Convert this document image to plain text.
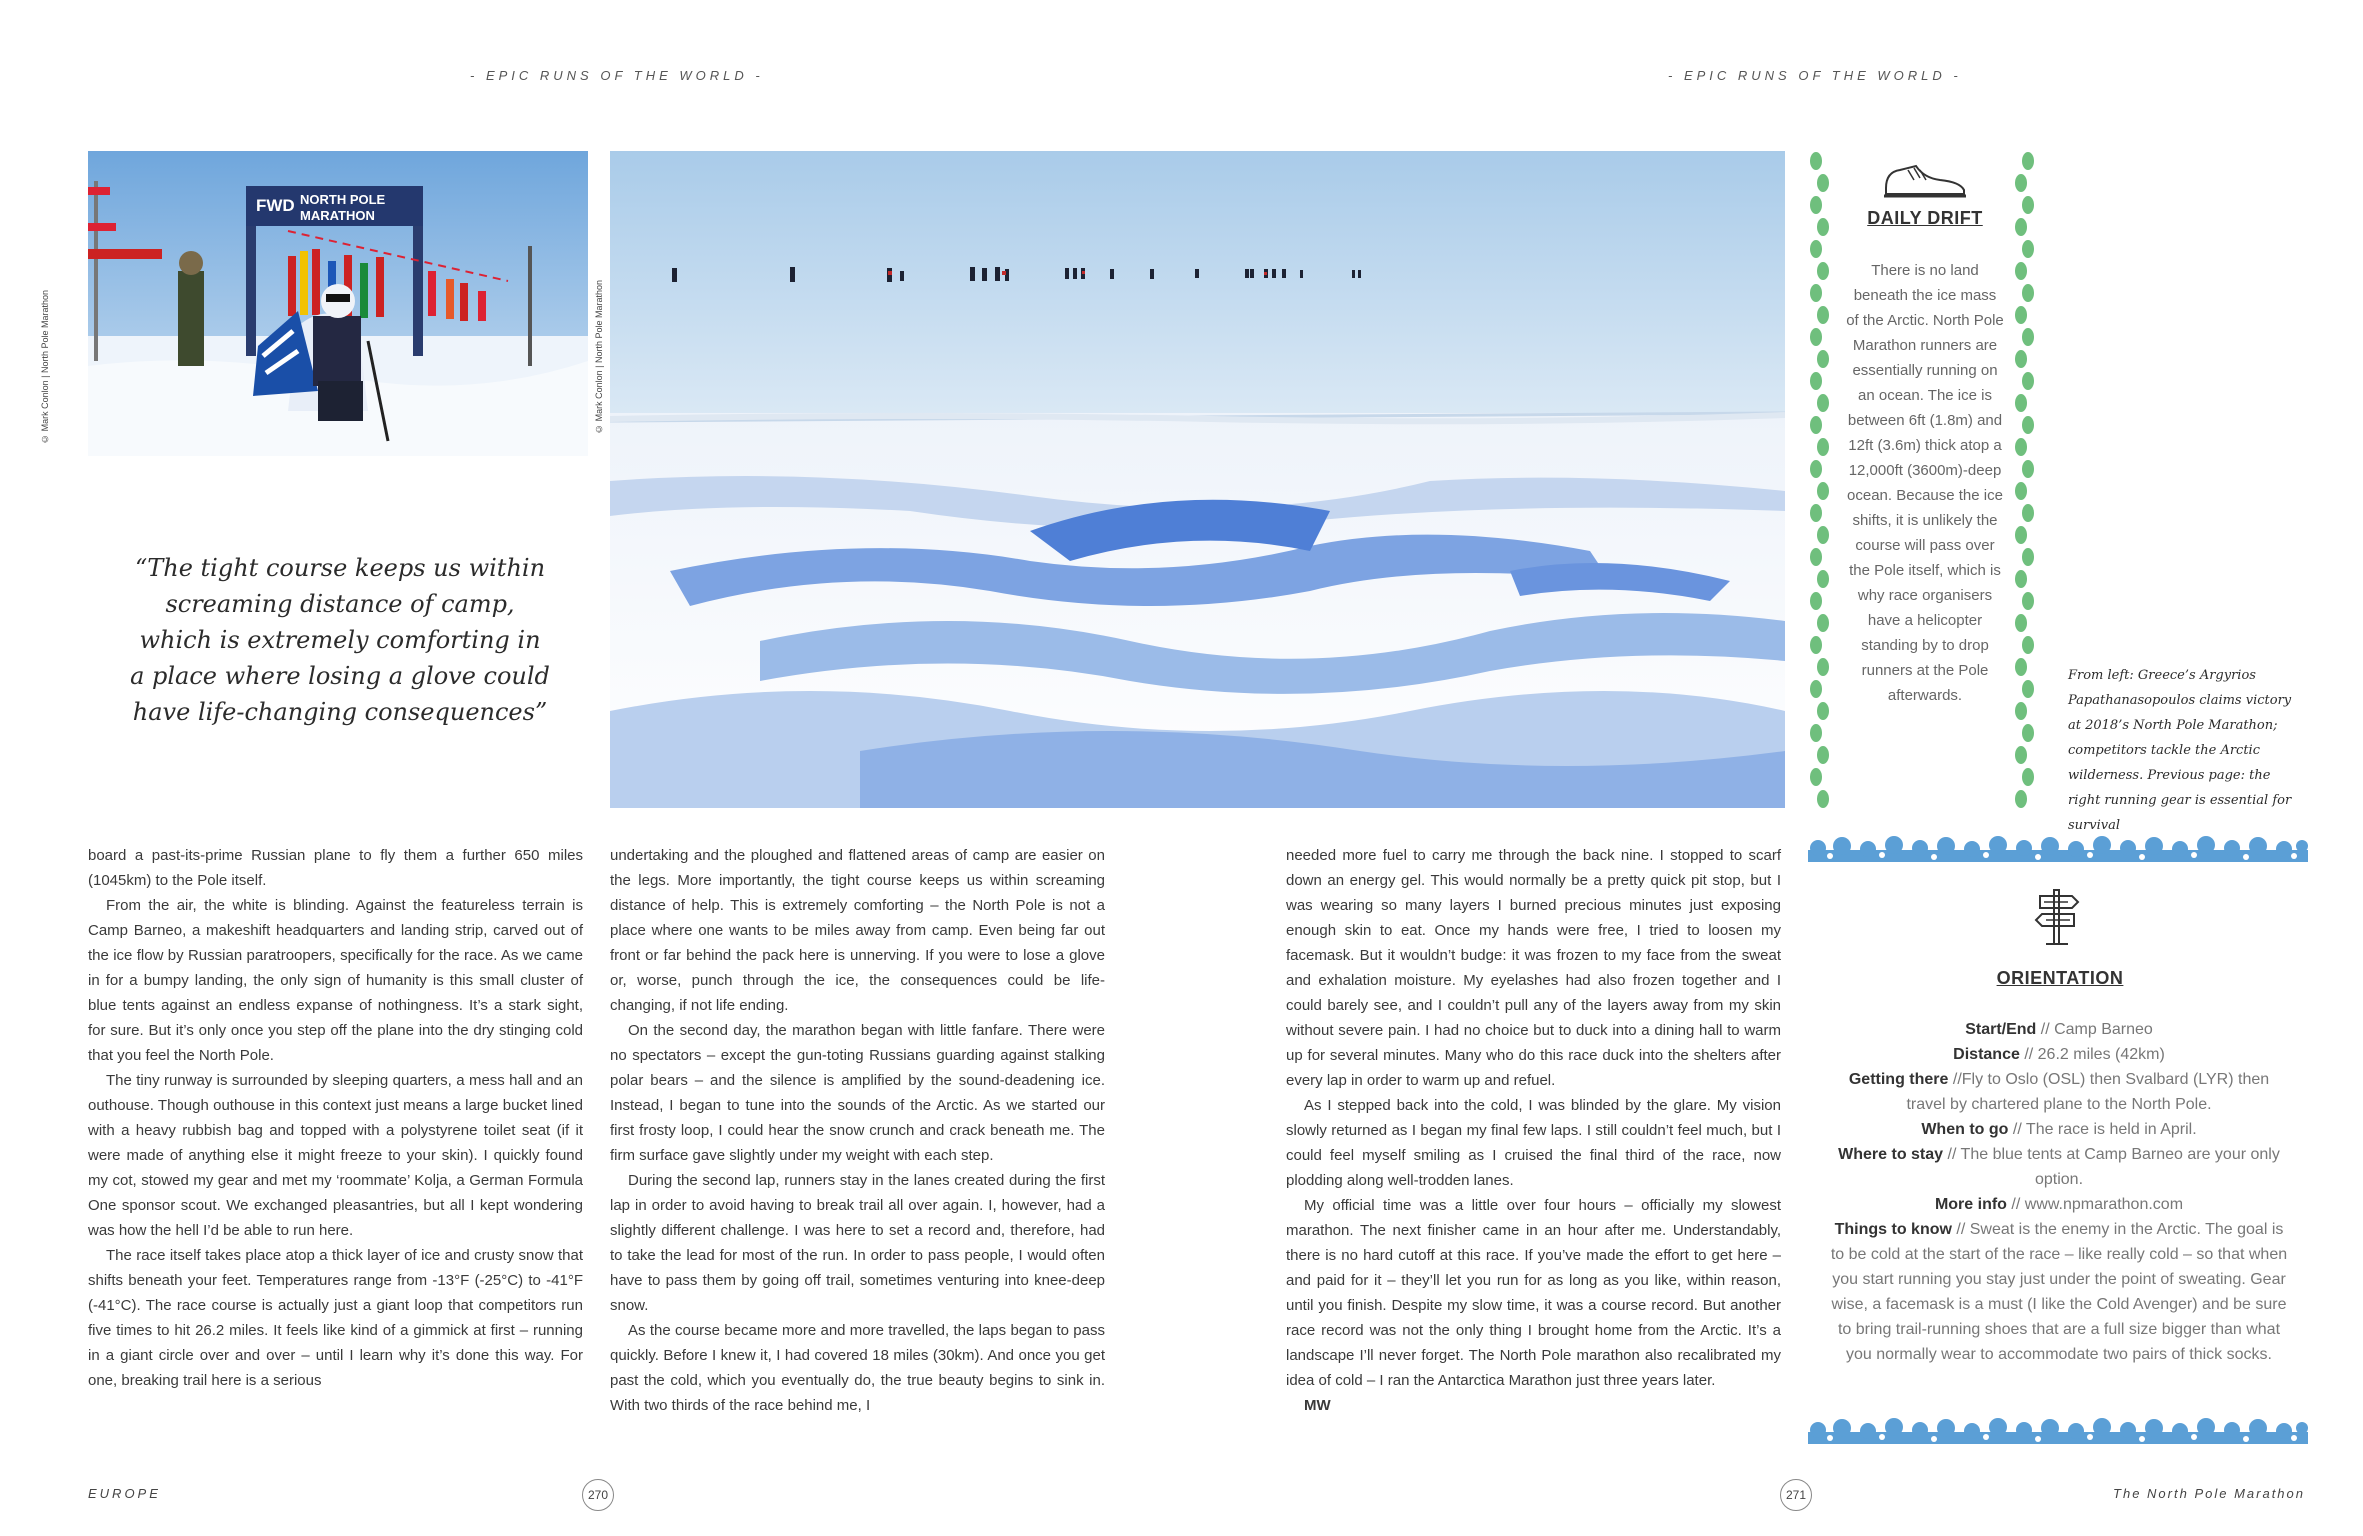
- EPIC RUNS OF THE WORLD -	- EPIC RUNS OF THE WORLD -
FWD NORTH POLE
MARATHON
© Mark Conlon | North Pole Marathon	© Mark Conlon | North Pole Marathon
“The tight course keeps us within screaming distance of camp, which is extremely comforting in a place where losing a glove could have life-changing consequences”

board a past-its-prime Russian plane to fly them a further 650 miles (1045km) to the Pole itself.

From the air, the white is blinding. Against the featureless terrain is Camp Barneo, a makeshift headquarters and landing strip, carved out of the ice flow by Russian paratroopers, specifically for the race. As we came in for a bumpy landing, the only sign of humanity is this small cluster of blue tents against an endless expanse of nothingness. It’s a stark sight, for sure. But it’s only once you step off the plane into the dry stinging cold that you feel the North Pole.

The tiny runway is surrounded by sleeping quarters, a mess hall and an outhouse. Though outhouse in this context just means a large bucket lined with a heavy rubbish bag and topped with a polystyrene toilet seat (if it were made of anything else it might freeze to your skin). I quickly found my cot, stowed my gear and met my ‘roommate’ Kolja, a German Formula One sponsor scout. We exchanged pleasantries, but all I kept wondering was how the hell I’d be able to run here.

The race itself takes place atop a thick layer of ice and crusty snow that shifts beneath your feet. Temperatures range from -13°F (-25°C) to -41°F (-41°C). The race course is actually just a giant loop that competitors run five times to hit 26.2 miles. It feels like kind of a gimmick at first – running in a giant circle over and over – until I learn why it’s done this way. For one, breaking trail here is a serious

undertaking and the ploughed and flattened areas of camp are easier on the legs. More importantly, the tight course keeps us within screaming distance of help. This is extremely comforting – the North Pole is not a place where one wants to be miles away from camp. Even being far out front or far behind the pack here is unnerving. If you were to lose a glove or, worse, punch through the ice, the consequences could be life-changing, if not life ending.

On the second day, the marathon began with little fanfare. There were no spectators – except the gun-toting Russians guarding against stalking polar bears – and the silence is amplified by the sound-deadening ice. Instead, I began to tune into the sounds of the Arctic. As we started our first frosty loop, I could hear the snow crunch and crack beneath me. The firm surface gave slightly under my weight with each step.

During the second lap, runners stay in the lanes created during the first lap in order to avoid having to break trail all over again. I, however, had a slightly different challenge. I was here to set a record and, therefore, had to take the lead for most of the run. In order to pass people, I would often have to pass them by going off trail, sometimes venturing into knee-deep snow.

As the course became more and more travelled, the laps began to pass quickly. Before I knew it, I had covered 18 miles (30km). And once you get past the cold, which you eventually do, the true beauty begins to sink in. With two thirds of the race behind me, I

needed more fuel to carry me through the back nine. I stopped to scarf down an energy gel. This would normally be a pretty quick pit stop, but I was wearing so many layers I burned precious minutes just exposing enough skin to eat. Once my hands were free, I tried to loosen my facemask. But it wouldn’t budge: it was frozen to my face from the sweat and exhalation moisture. My eyelashes had also frozen together and I could barely see, and I couldn’t pull any of the layers away from my skin without severe pain. I had no choice but to duck into a dining hall to warm up for several minutes. Many who do this race duck into the shelters after every lap in order to warm up and refuel.

As I stepped back into the cold, I was blinded by the glare. My vision slowly returned as I began my final few laps. I still couldn’t feel much, but I could feel myself smiling as I cruised the final third of the race, now plodding along well-trodden lanes.

My official time was a little over four hours – officially my slowest marathon. The next finisher came in an hour after me. Understandably, there is no hard cutoff at this race. If you’ve made the effort to get here – and paid for it – they’ll let you run for as long as you like, within reason, until you finish. Despite my slow time, it was a course record. But another race record was not the only thing I brought home from the Arctic. It’s a landscape I’ll never forget. The North Pole marathon also recalibrated my idea of cold – I ran the Antarctica Marathon just three years later.

MW

DAILY DRIFT
There is no land beneath the ice mass of the Arctic. North Pole Marathon runners are essentially running on an ocean. The ice is between 6ft (1.8m) and 12ft (3.6m) thick atop a 12,000ft (3600m)-deep ocean. Because the ice shifts, it is unlikely the course will pass over the Pole itself, which is why race organisers have a helicopter standing by to drop runners at the Pole afterwards.
From left: Greece’s Argyrios Papathanasopoulos claims victory at 2018’s North Pole Marathon; competitors tackle the Arctic wilderness. Previous page: the right running gear is essential for survival
ORIENTATION
Start/End // Camp Barneo
Distance // 26.2 miles (42km)
Getting there //Fly to Oslo (OSL) then Svalbard (LYR) then travel by chartered plane to the North Pole.
When to go // The race is held in April.
Where to stay // The blue tents at Camp Barneo are your only option.
More info // www.npmarathon.com
Things to know // Sweat is the enemy in the Arctic. The goal is to be cold at the start of the race – like really cold – so that when you start running you stay just under the point of sweating. Gear wise, a facemask is a must (I like the Cold Avenger) and be sure to bring trail-running shoes that are a full size bigger than what you normally wear to accommodate two pairs of thick socks.
EUROPE	270	271	The North Pole Marathon
